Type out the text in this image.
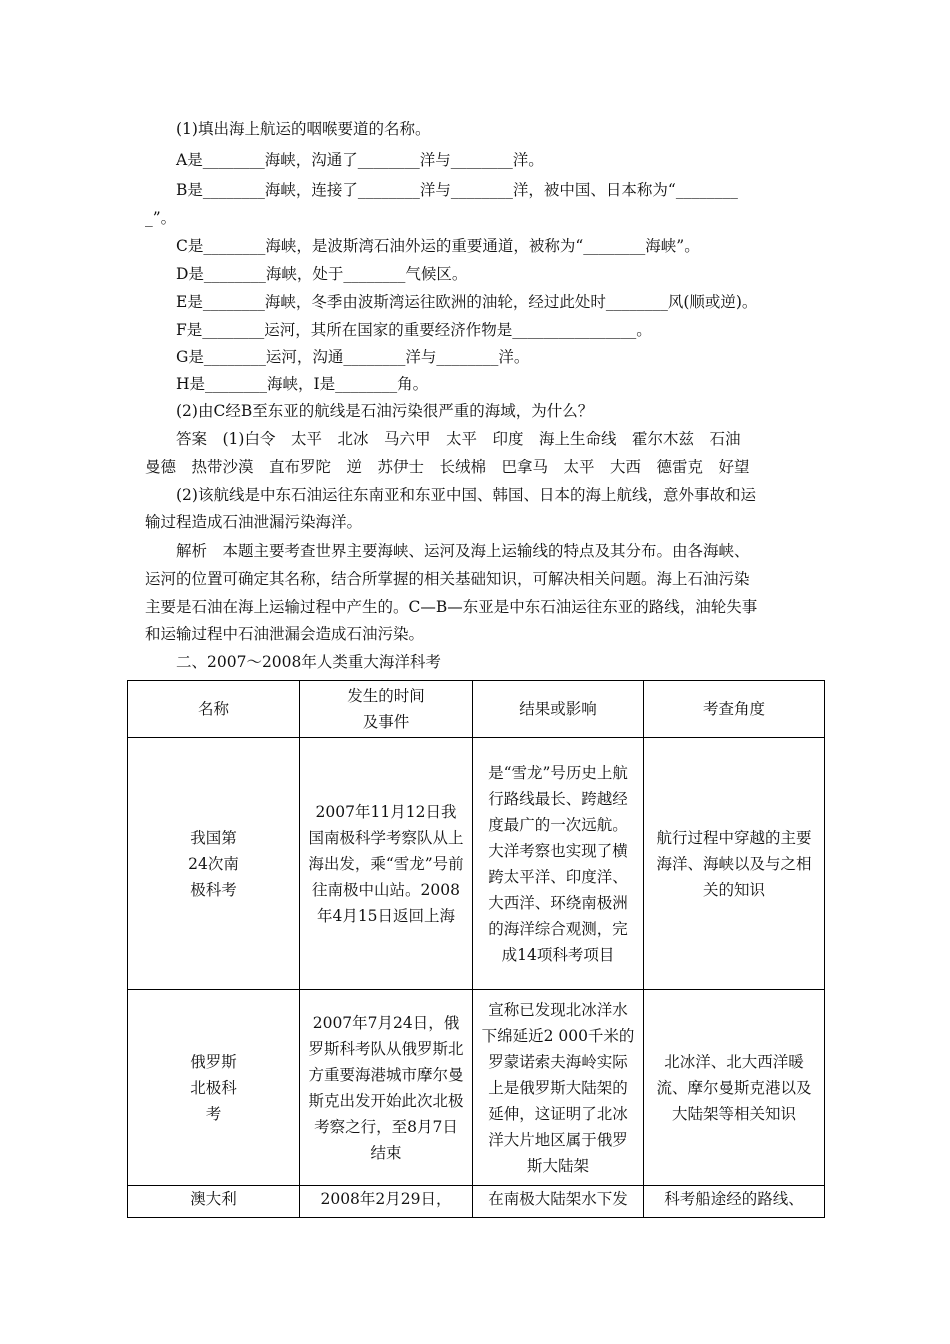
(1)填出海上航运的咽喉要道的名称。
A是________海峡，沟通了________洋与________洋。
B是________海峡，连接了________洋与________洋，被中国、日本称为“________
_”。
C是________海峡，是波斯湾石油外运的重要通道，被称为“________海峡”。
D是________海峡，处于________气候区。
E是________海峡，冬季由波斯湾运往欧洲的油轮，经过此处时________风(顺或逆)。
F是________运河，其所在国家的重要经济作物是________________。
G是________运河，沟通________洋与________洋。
H是________海峡，I是________角。
(2)由C经B至东亚的航线是石油污染很严重的海域，为什么？
答案　(1)白令　太平　北冰　马六甲　太平　印度　海上生命线　霍尔木兹　石油
曼德　热带沙漠　直布罗陀　逆　苏伊士　长绒棉　巴拿马　太平　大西　德雷克　好望
(2)该航线是中东石油运往东南亚和东亚中国、韩国、日本的海上航线，意外事故和运
输过程造成石油泄漏污染海洋。
解析　本题主要考查世界主要海峡、运河及海上运输线的特点及其分布。由各海峡、
运河的位置可确定其名称，结合所掌握的相关基础知识，可解决相关问题。海上石油污染
主要是石油在海上运输过程中产生的。C—B—东亚是中东石油运往东亚的路线，油轮失事
和运输过程中石油泄漏会造成石油污染。
二、2007～2008年人类重大海洋科考
名称	发生的时间及事件	结果或影响	考查角度

我国第24次南极科考	2007年11月12日我国南极科学考察队从上海出发，乘“雪龙”号前往南极中山站。2008年4月15日返回上海	是“雪龙”号历史上航行路线最长、跨越经度最广的一次远航。大洋考察也实现了横跨太平洋、印度洋、大西洋、环绕南极洲的海洋综合观测，完成14项科考项目	航行过程中穿越的主要海洋、海峡以及与之相关的知识

俄罗斯北极科考	2007年7月24日，俄罗斯科考队从俄罗斯北方重要海港城市摩尔曼斯克出发开始此次北极考察之行，至8月7日结束	宣称已发现北冰洋水下绵延近2 000千米的罗蒙诺索夫海岭实际上是俄罗斯大陆架的延伸，这证明了北冰洋大片地区属于俄罗斯大陆架	北冰洋、北大西洋暖流、摩尔曼斯克港以及大陆架等相关知识

澳大利	2008年2月29日，	在南极大陆架水下发	科考船途经的路线、
